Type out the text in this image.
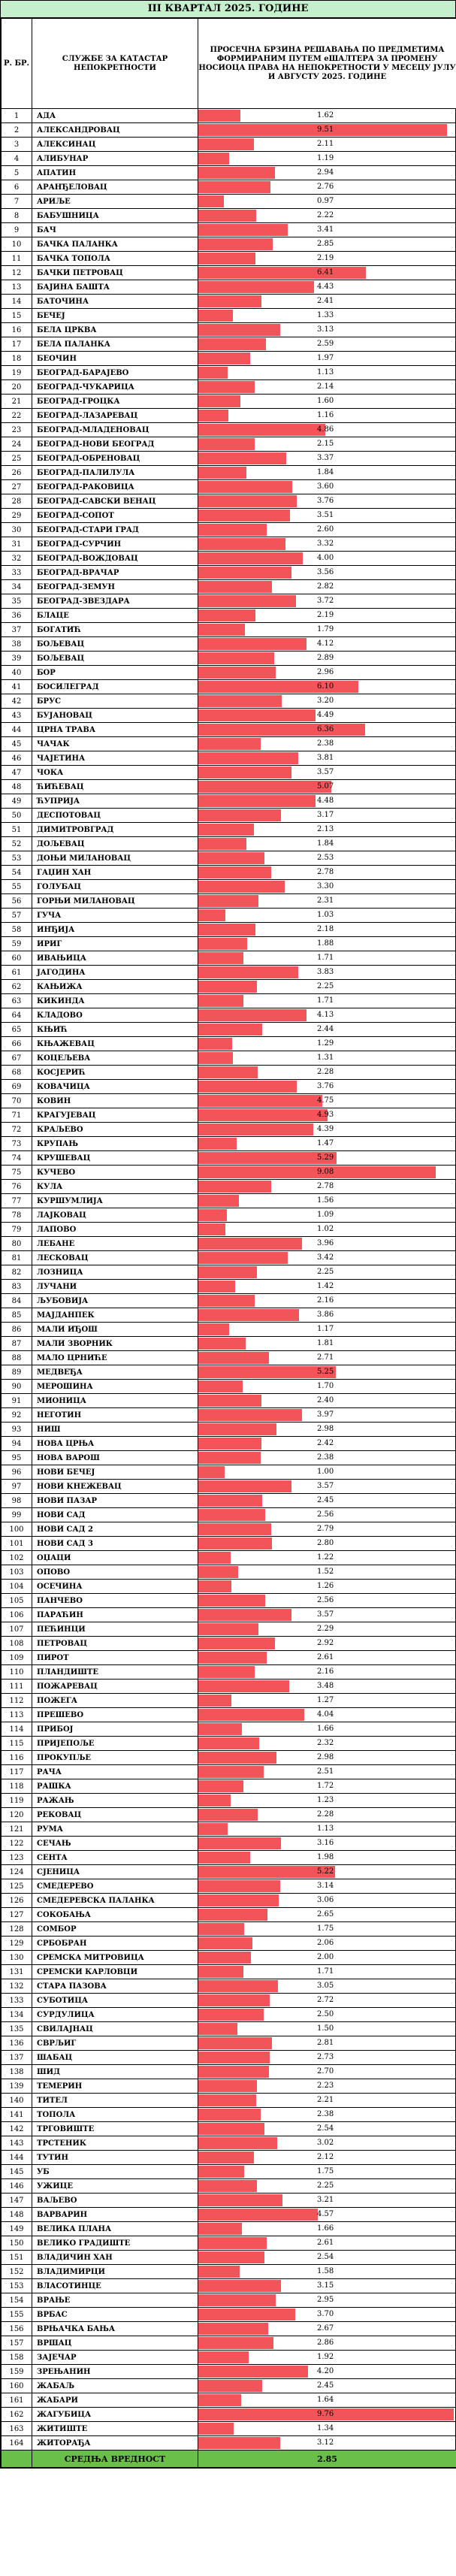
III КВАРТАЛ 2025. ГОДИНЕ
Р. БР.	СЛУЖБЕ ЗА КАТАСТАР НЕПОКРЕТНОСТИ	ПРОСЕЧНА БРЗИНА РЕШАВАЊА ПО ПРЕДМЕТИМА ФОРМИРАНИМ ПУТЕМ еШАЛТЕРА ЗА ПРОМЕНУ НОСИОЦА ПРАВА НА НЕПОКРЕТНОСТИ У МЕСЕЦУ ЈУЛУ И АВГУСТУ 2025. ГОДИНЕ
1	АДА	1.62

2	АЛЕКСАНДРОВАЦ	9.51

3	АЛЕКСИНАЦ	2.11

4	АЛИБУНАР	1.19

5	АПАТИН	2.94

6	АРАНЂЕЛОВАЦ	2.76

7	АРИЉЕ	0.97

8	БАБУШНИЦА	2.22

9	БАЧ	3.41

10	БАЧКА ПАЛАНКА	2.85

11	БАЧКА ТОПОЛА	2.19

12	БАЧКИ ПЕТРОВАЦ	6.41

13	БАЈИНА БАШТА	4.43

14	БАТОЧИНА	2.41

15	БЕЧЕЈ	1.33

16	БЕЛА ЦРКВА	3.13

17	БЕЛА ПАЛАНКА	2.59

18	БЕОЧИН	1.97

19	БЕОГРАД-БАРАЈЕВО	1.13

20	БЕОГРАД-ЧУКАРИЦА	2.14

21	БЕОГРАД-ГРОЦКА	1.60

22	БЕОГРАД-ЛАЗАРЕВАЦ	1.16

23	БЕОГРАД-МЛАДЕНОВАЦ	4.86

24	БЕОГРАД-НОВИ БЕОГРАД	2.15

25	БЕОГРАД-ОБРЕНОВАЦ	3.37

26	БЕОГРАД-ПАЛИЛУЛА	1.84

27	БЕОГРАД-РАКОВИЦА	3.60

28	БЕОГРАД-САВСКИ ВЕНАЦ	3.76

29	БЕОГРАД-СОПОТ	3.51

30	БЕОГРАД-СТАРИ ГРАД	2.60

31	БЕОГРАД-СУРЧИН	3.32

32	БЕОГРАД-ВОЖДОВАЦ	4.00

33	БЕОГРАД-ВРАЧАР	3.56

34	БЕОГРАД-ЗЕМУН	2.82

35	БЕОГРАД-ЗВЕЗДАРА	3.72

36	БЛАЦЕ	2.19

37	БОГАТИЋ	1.79

38	БОЉЕВАЦ	4.12

39	БОЉЕВАЦ	2.89

40	БОР	2.96

41	БОСИЛЕГРАД	6.10

42	БРУС	3.20

43	БУЈАНОВАЦ	4.49

44	ЦРНА ТРАВА	6.36

45	ЧАЧАК	2.38

46	ЧАЈЕТИНА	3.81

47	ЧОКА	3.57

48	ЋИЋЕВАЦ	5.07

49	ЋУПРИЈА	4.48

50	ДЕСПОТОВАЦ	3.17

51	ДИМИТРОВГРАД	2.13

52	ДОЉЕВАЦ	1.84

53	ДОЊИ МИЛАНОВАЦ	2.53

54	ГАЏИН ХАН	2.78

55	ГОЛУБАЦ	3.30

56	ГОРЊИ МИЛАНОВАЦ	2.31

57	ГУЧА	1.03

58	ИНЂИЈА	2.18

59	ИРИГ	1.88

60	ИВАЊИЦА	1.71

61	ЈАГОДИНА	3.83

62	КАЊИЖА	2.25

63	КИКИНДА	1.71

64	КЛАДОВО	4.13

65	КЊИЋ	2.44

66	КЊАЖЕВАЦ	1.29

67	КОЦЕЉЕВА	1.31

68	КОСЈЕРИЋ	2.28

69	КОВАЧИЦА	3.76

70	КОВИН	4.75

71	КРАГУЈЕВАЦ	4.93

72	КРАЉЕВО	4.39

73	КРУПАЊ	1.47

74	КРУШЕВАЦ	5.29

75	КУЧЕВО	9.08

76	КУЛА	2.78

77	КУРШУМЛИЈА	1.56

78	ЛАЈКОВАЦ	1.09

79	ЛАПОВО	1.02

80	ЛЕБАНЕ	3.96

81	ЛЕСКОВАЦ	3.42

82	ЛОЗНИЦА	2.25

83	ЛУЧАНИ	1.42

84	ЉУБОВИЈА	2.16

85	МАЈДАНПЕК	3.86

86	МАЛИ ИЂОШ	1.17

87	МАЛИ ЗВОРНИК	1.81

88	МАЛО ЦРНИЋЕ	2.71

89	МЕДВЕЂА	5.25

90	МЕРОШИНА	1.70

91	МИОНИЦА	2.40

92	НЕГОТИН	3.97

93	НИШ	2.98

94	НОВА ЦРЊА	2.42

95	НОВА ВАРОШ	2.38

96	НОВИ БЕЧЕЈ	1.00

97	НОВИ КНЕЖЕВАЦ	3.57

98	НОВИ ПАЗАР	2.45

99	НОВИ САД	2.56

100	НОВИ САД 2	2.79

101	НОВИ САД 3	2.80

102	ОЏАЦИ	1.22

103	ОПОВО	1.52

104	ОСЕЧИНА	1.26

105	ПАНЧЕВО	2.56

106	ПАРАЋИН	3.57

107	ПЕЋИНЦИ	2.29

108	ПЕТРОВАЦ	2.92

109	ПИРОТ	2.61

110	ПЛАНДИШТЕ	2.16

111	ПОЖАРЕВАЦ	3.48

112	ПОЖЕГА	1.27

113	ПРЕШЕВО	4.04

114	ПРИБОЈ	1.66

115	ПРИЈЕПОЉЕ	2.32

116	ПРОКУПЉЕ	2.98

117	РАЧА	2.51

118	РАШКА	1.72

119	РАЖАЊ	1.23

120	РЕКОВАЦ	2.28

121	РУМА	1.13

122	СЕЧАЊ	3.16

123	СЕНТА	1.98

124	СЈЕНИЦА	5.22

125	СМЕДЕРЕВО	3.14

126	СМЕДЕРЕВСКА ПАЛАНКА	3.06

127	СОКОБАЊА	2.65

128	СОМБОР	1.75

129	СРБОБРАН	2.06

130	СРЕМСКА МИТРОВИЦА	2.00

131	СРЕМСКИ КАРЛОВЦИ	1.71

132	СТАРА ПАЗОВА	3.05

133	СУБОТИЦА	2.72

134	СУРДУЛИЦА	2.50

135	СВИЛАЈНАЦ	1.50

136	СВРЉИГ	2.81

137	ШАБАЦ	2.73

138	ШИД	2.70

139	ТЕМЕРИН	2.23

140	ТИТЕЛ	2.21

141	ТОПОЛА	2.38

142	ТРГОВИШТЕ	2.54

143	ТРСТЕНИК	3.02

144	ТУТИН	2.12

145	УБ	1.75

146	УЖИЦЕ	2.25

147	ВАЉЕВО	3.21

148	ВАРВАРИН	4.57

149	ВЕЛИКА ПЛАНА	1.66

150	ВЕЛИКО ГРАДИШТЕ	2.61

151	ВЛАДИЧИН ХАН	2.54

152	ВЛАДИМИРЦИ	1.58

153	ВЛАСОТИНЦЕ	3.15

154	ВРАЊЕ	2.95

155	ВРБАС	3.70

156	ВРЊАЧКА БАЊА	2.67

157	ВРШАЦ	2.86

158	ЗАЈЕЧАР	1.92

159	ЗРЕЊАНИН	4.20

160	ЖАБАЉ	2.45

161	ЖАБАРИ	1.64

162	ЖАГУБИЦА	9.76

163	ЖИТИШТЕ	1.34

164	ЖИТОРАЂА	3.12

	СРЕДЊА ВРЕДНОСТ	2.85
